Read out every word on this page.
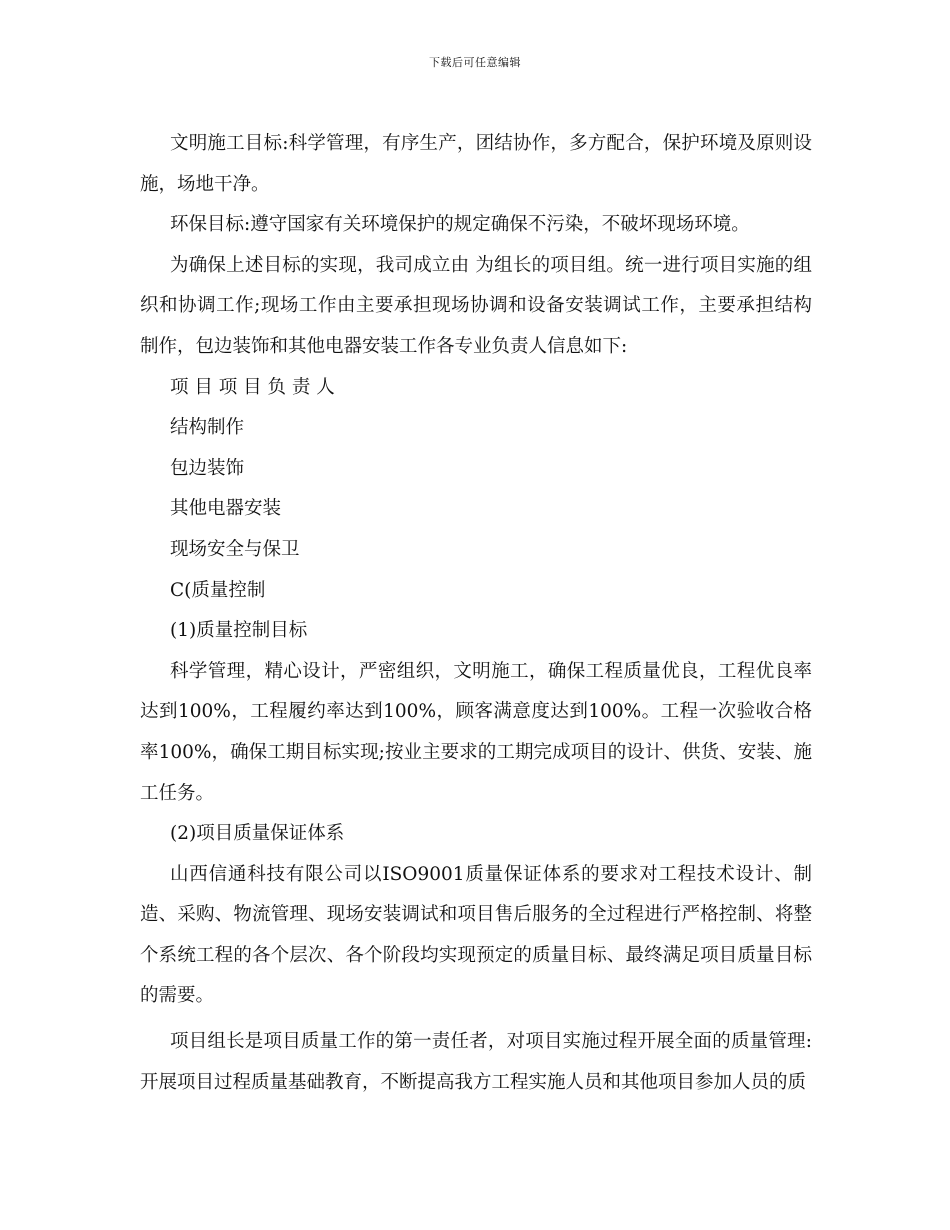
下载后可任意编辑

文明施工目标:科学管理，有序生产，团结协作，多方配合，保护环境及原则设施，场地干净。

环保目标:遵守国家有关环境保护的规定确保不污染，不破坏现场环境。

为确保上述目标的实现，我司成立由 为组长的项目组。统一进行项目实施的组织和协调工作;现场工作由主要承担现场协调和设备安装调试工作，主要承担结构制作，包边装饰和其他电器安装工作各专业负责人信息如下:

项 目 项 目 负 责 人

结构制作

包边装饰

其他电器安装

现场安全与保卫

C(质量控制

(1)质量控制目标

科学管理，精心设计，严密组织，文明施工，确保工程质量优良，工程优良率达到100%，工程履约率达到100%，顾客满意度达到100%。工程一次验收合格率100%，确保工期目标实现;按业主要求的工期完成项目的设计、供货、安装、施工任务。

(2)项目质量保证体系

山西信通科技有限公司以ISO9001质量保证体系的要求对工程技术设计、制造、采购、物流管理、现场安装调试和项目售后服务的全过程进行严格控制、将整个系统工程的各个层次、各个阶段均实现预定的质量目标、最终满足项目质量目标的需要。

项目组长是项目质量工作的第一责任者，对项目实施过程开展全面的质量管理:开展项目过程质量基础教育，不断提高我方工程实施人员和其他项目参加人员的质
